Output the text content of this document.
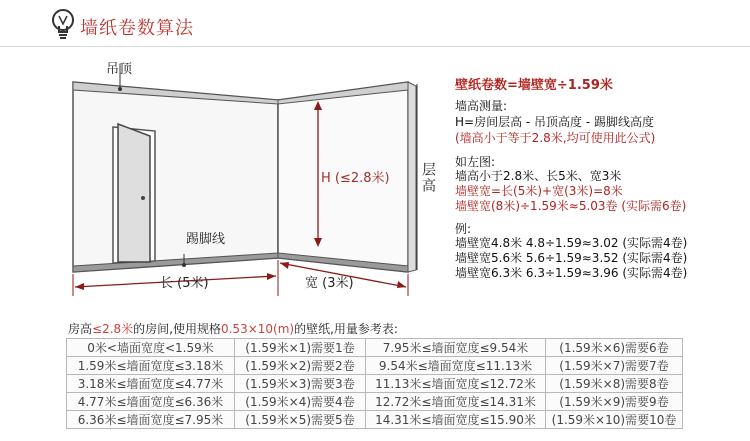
墙纸卷数算法
吊顶
踢脚线
H (≤2.8米) 层高
长 (5米)	宽 (3米)
壁纸卷数=墙壁宽÷1.59米
墙高测量:
H=房间层高 - 吊顶高度 - 踢脚线高度
(墙高小于等于2.8米,均可使用此公式)
如左图:
墙高小于2.8米、长5米、宽3米
墙壁宽=长(5米)+宽(3米)=8米
墙壁宽(8米)÷1.59米≈5.03卷 (实际需6卷)
例:
墙壁宽4.8米 4.8÷1.59≈3.02 (实际需4卷)
墙壁宽5.6米 5.6÷1.59≈3.52 (实际需4卷)
墙壁宽6.3米 6.3÷1.59≈3.96 (实际需4卷)
房高≤2.8米的房间,使用规格0.53×10(m)的壁纸,用量参考表:
0米<墙面宽度<1.59米	(1.59米×1)需要1卷	7.95米≤墙面宽度≤9.54米	(1.59米×6)需要6卷
1.59米≤墙面宽度≤3.18米	(1.59米×2)需要2卷	9.54米≤墙面宽度≤11.13米	(1.59米×7)需要7卷
3.18米≤墙面宽度≤4.77米	(1.59米×3)需要3卷	11.13米≤墙面宽度≤12.72米	(1.59米×8)需要8卷
4.77米≤墙面宽度≤6.36米	(1.59米×4)需要4卷	12.72米≤墙面宽度≤14.31米	(1.59米×9)需要9卷
6.36米≤墙面宽度≤7.95米	(1.59米×5)需要5卷	14.31米≤墙面宽度≤15.90米	(1.59米×10)需要10卷
